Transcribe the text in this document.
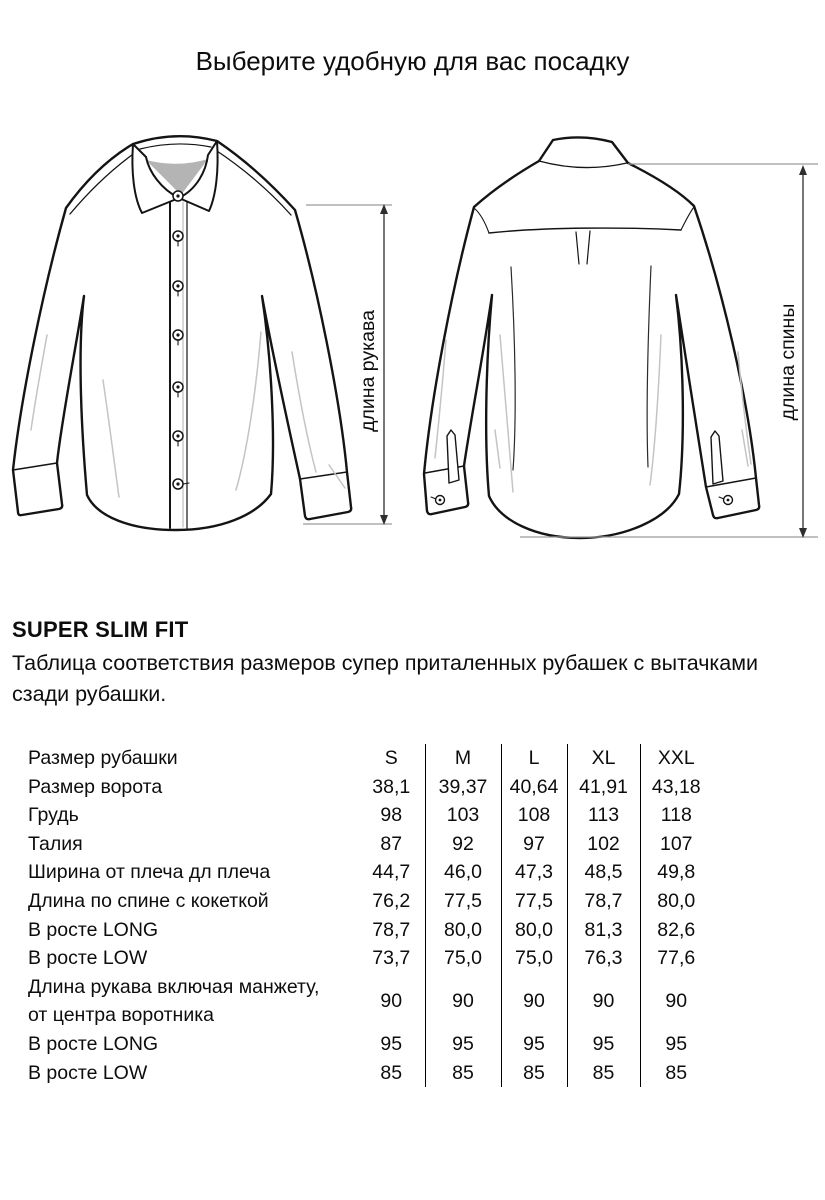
Выберите удобную для вас посадку
длина рукава	длина спины
SUPER SLIM FIT
Таблица соответствия размеров супер приталенных рубашек с вытачками
сзади рубашки.
Размер рубашки	S	M	L	XL	XXL
Размер ворота	38,1	39,37	40,64	41,91	43,18
Грудь	98	103	108	113	118
Талия	87	92	97	102	107
Ширина от плеча дл плеча	44,7	46,0	47,3	48,5	49,8
Длина по спине с кокеткой	76,2	77,5	77,5	78,7	80,0
В росте LONG	78,7	80,0	80,0	81,3	82,6
В росте LOW	73,7	75,0	75,0	76,3	77,6
Длина рукава включая манжету,
от центра воротника	90	90	90	90	90
В росте LONG	95	95	95	95	95
В росте LOW	85	85	85	85	85
